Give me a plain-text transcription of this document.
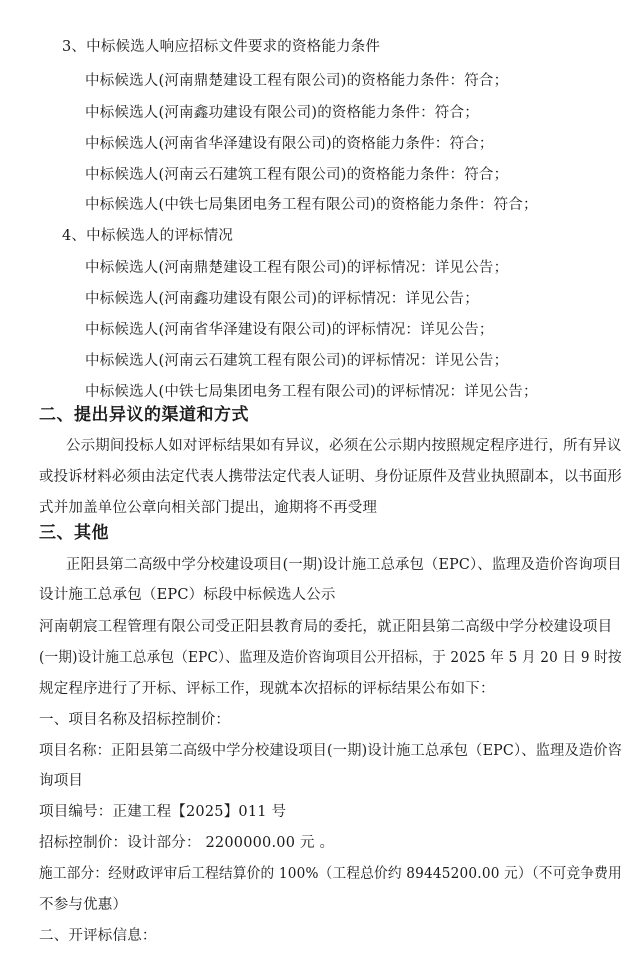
3、中标候选人响应招标文件要求的资格能力条件
中标候选人(河南鼎楚建设工程有限公司)的资格能力条件：符合；
中标候选人(河南鑫功建设有限公司)的资格能力条件：符合；
中标候选人(河南省华泽建设有限公司)的资格能力条件：符合；
中标候选人(河南云石建筑工程有限公司)的资格能力条件：符合；
中标候选人(中铁七局集团电务工程有限公司)的资格能力条件：符合；
4、中标候选人的评标情况
中标候选人(河南鼎楚建设工程有限公司)的评标情况：详见公告；
中标候选人(河南鑫功建设有限公司)的评标情况：详见公告；
中标候选人(河南省华泽建设有限公司)的评标情况：详见公告；
中标候选人(河南云石建筑工程有限公司)的评标情况：详见公告；
中标候选人(中铁七局集团电务工程有限公司)的评标情况：详见公告；
二、提出异议的渠道和方式
公示期间投标人如对评标结果如有异议，必须在公示期内按照规定程序进行，所有异议
或投诉材料必须由法定代表人携带法定代表人证明、身份证原件及营业执照副本，以书面形
式并加盖单位公章向相关部门提出，逾期将不再受理
三、其他
正阳县第二高级中学分校建设项目(一期)设计施工总承包（EPC）、监理及造价咨询项目
设计施工总承包（EPC）标段中标候选人公示
河南朝宸工程管理有限公司受正阳县教育局的委托，就正阳县第二高级中学分校建设项目
(一期)设计施工总承包（EPC）、监理及造价咨询项目公开招标，于 2025 年 5 月 20 日 9 时按
规定程序进行了开标、评标工作，现就本次招标的评标结果公布如下：
一、项目名称及招标控制价：
项目名称：正阳县第二高级中学分校建设项目(一期)设计施工总承包（EPC）、监理及造价咨
询项目
项目编号：正建工程【2025】011 号
招标控制价：设计部分： 2200000.00 元 。
施工部分：经财政评审后工程结算价的 100%（工程总价约 89445200.00 元）（不可竞争费用
不参与优惠）
二、开评标信息：
